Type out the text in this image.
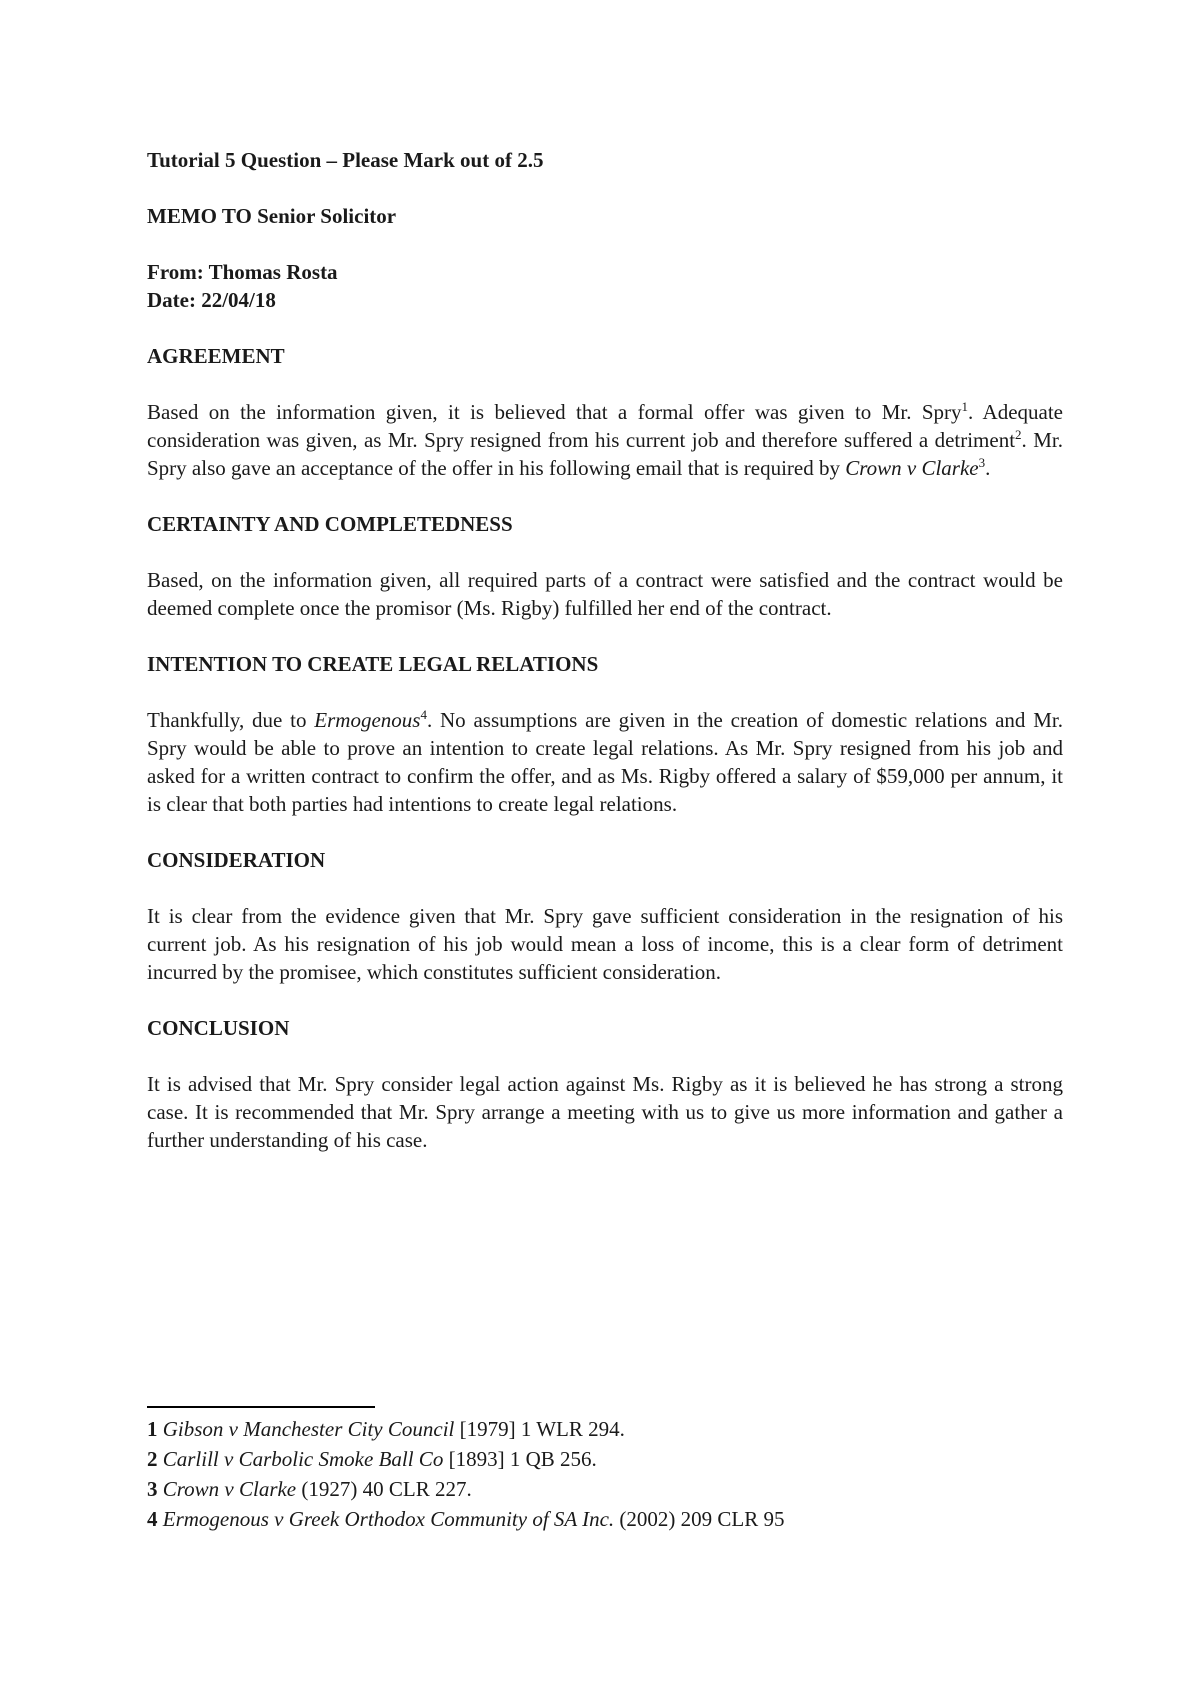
Tutorial 5 Question – Please Mark out of 2.5

MEMO TO Senior Solicitor

From: Thomas Rosta

Date: 22/04/18

AGREEMENT

Based on the information given, it is believed that a formal offer was given to Mr. Spry$^1$. Adequate consideration was given, as Mr. Spry resigned from his current job and therefore suffered a detriment$^2$. Mr. Spry also gave an acceptance of the offer in his following email that is required by Crown v Clarke$^3$.

CERTAINTY AND COMPLETEDNESS

Based, on the information given, all required parts of a contract were satisfied and the contract would be deemed complete once the promisor (Ms. Rigby) fulfilled her end of the contract.

INTENTION TO CREATE LEGAL RELATIONS

Thankfully, due to Ermogenous$^4$. No assumptions are given in the creation of domestic relations and Mr. Spry would be able to prove an intention to create legal relations. As Mr. Spry resigned from his job and asked for a written contract to confirm the offer, and as Ms. Rigby offered a salary of $59,000 per annum, it is clear that both parties had intentions to create legal relations.

CONSIDERATION

It is clear from the evidence given that Mr. Spry gave sufficient consideration in the resignation of his current job. As his resignation of his job would mean a loss of income, this is a clear form of detriment incurred by the promisee, which constitutes sufficient consideration.

CONCLUSION

It is advised that Mr. Spry consider legal action against Ms. Rigby as it is believed he has strong a strong case. It is recommended that Mr. Spry arrange a meeting with us to give us more information and gather a further understanding of his case.

1 Gibson v Manchester City Council [1979] 1 WLR 294.

2 Carlill v Carbolic Smoke Ball Co [1893] 1 QB 256.

3 Crown v Clarke (1927) 40 CLR 227.

4 Ermogenous v Greek Orthodox Community of SA Inc. (2002) 209 CLR 95
